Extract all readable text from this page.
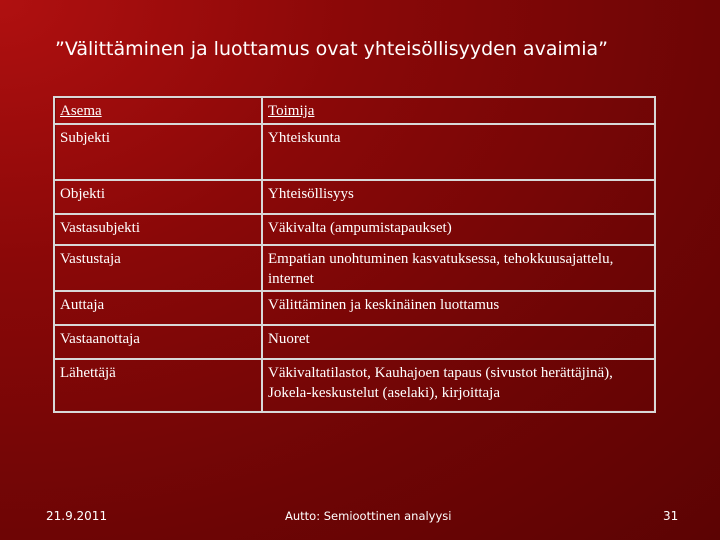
”Välittäminen ja luottamus ovat yhteisöllisyyden avaimia”
Asema	Toimija
Subjekti	Yhteiskunta
Objekti	Yhteisöllisyys
Vastasubjekti	Väkivalta (ampumistapaukset)
Vastustaja	Empatian unohtuminen kasvatuksessa, tehokkuusajattelu, internet
Auttaja	Välittäminen ja keskinäinen luottamus
Vastaanottaja	Nuoret
Lähettäjä	Väkivaltatilastot, Kauhajoen tapaus (sivustot herättäjinä), Jokela-keskustelut (aselaki), kirjoittaja
21.9.2011	Autto: Semioottinen analyysi	31
